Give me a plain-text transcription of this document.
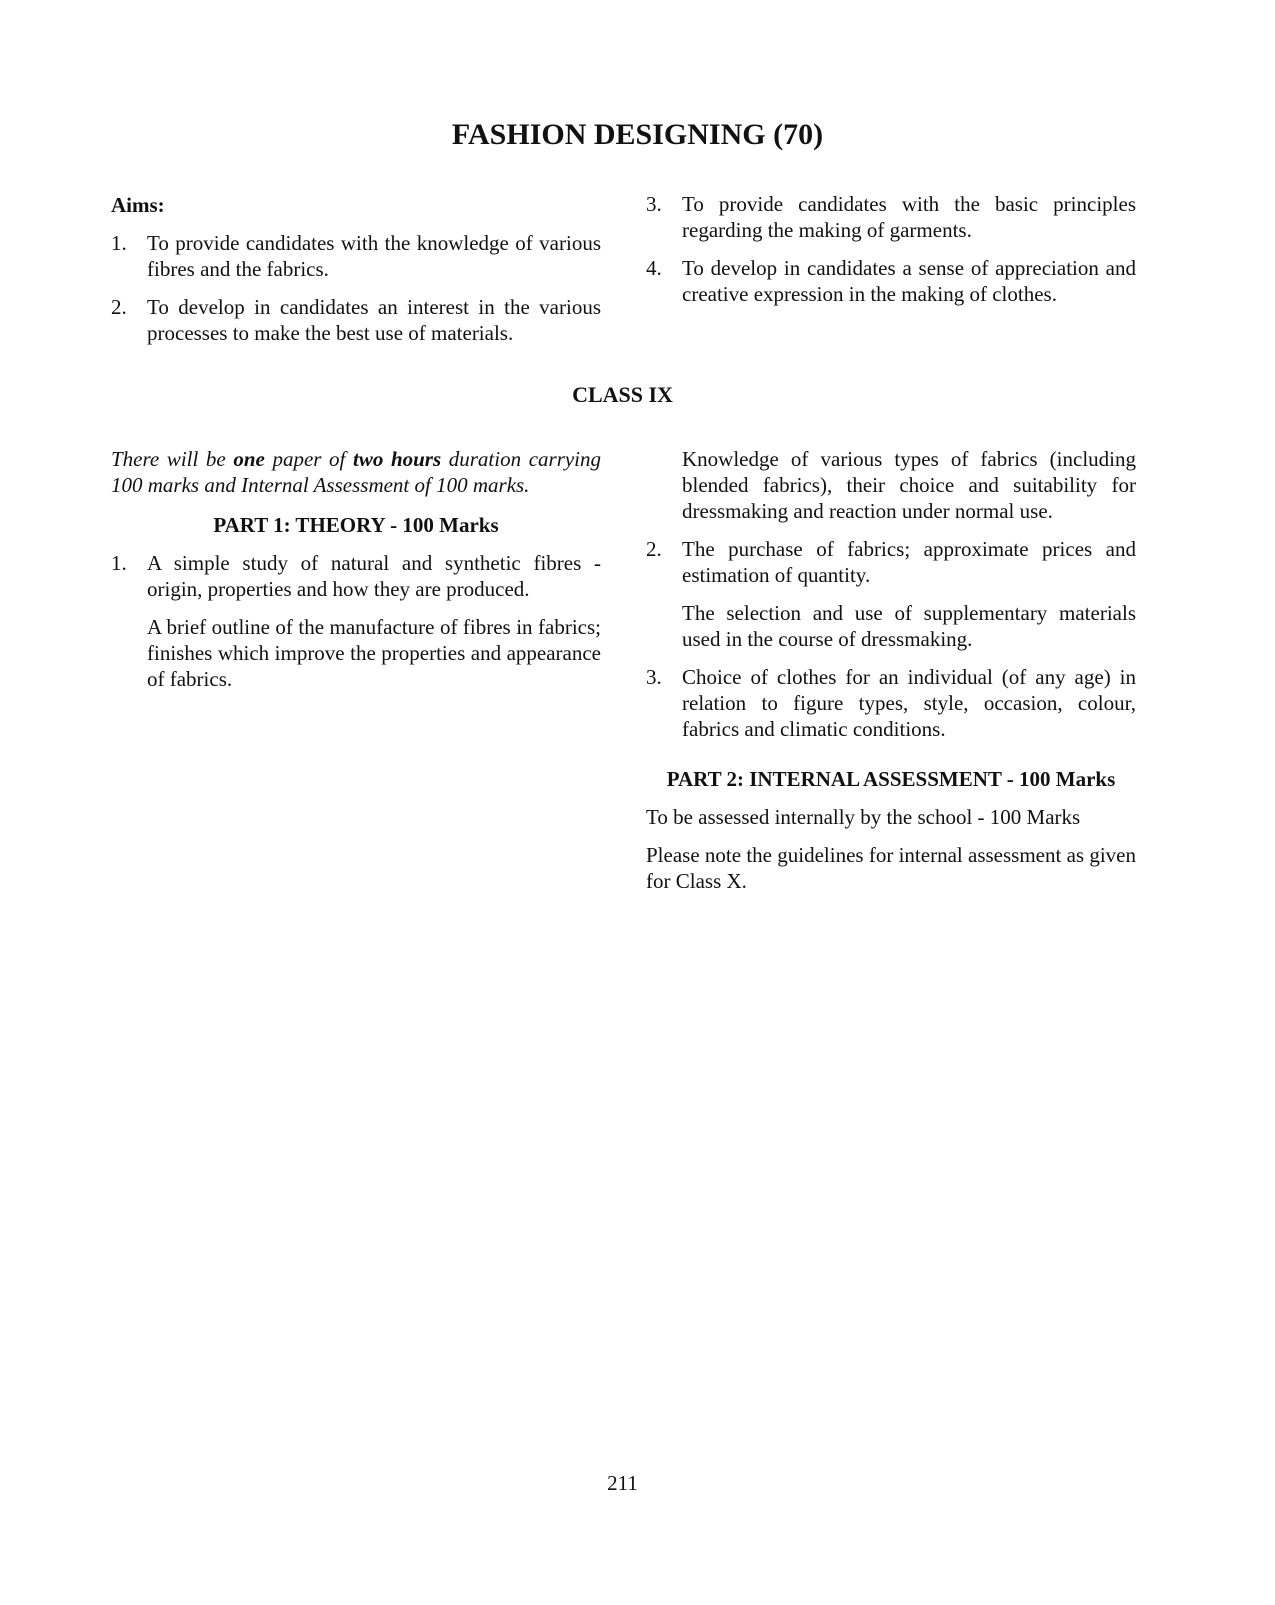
FASHION DESIGNING (70)
Aims:
1. To provide candidates with the knowledge of various fibres and the fabrics.
2. To develop in candidates an interest in the various processes to make the best use of materials.
3. To provide candidates with the basic principles regarding the making of garments.
4. To develop in candidates a sense of appreciation and creative expression in the making of clothes.
CLASS IX
There will be one paper of two hours duration carrying 100 marks and Internal Assessment of 100 marks.
PART 1: THEORY - 100 Marks
1. A simple study of natural and synthetic fibres - origin, properties and how they are produced.
A brief outline of the manufacture of fibres in fabrics; finishes which improve the properties and appearance of fabrics.
Knowledge of various types of fabrics (including blended fabrics), their choice and suitability for dressmaking and reaction under normal use.
2. The purchase of fabrics; approximate prices and estimation of quantity.
The selection and use of supplementary materials used in the course of dressmaking.
3. Choice of clothes for an individual (of any age) in relation to figure types, style, occasion, colour, fabrics and climatic conditions.
PART 2: INTERNAL ASSESSMENT - 100 Marks
To be assessed internally by the school - 100 Marks
Please note the guidelines for internal assessment as given for Class X.
211
